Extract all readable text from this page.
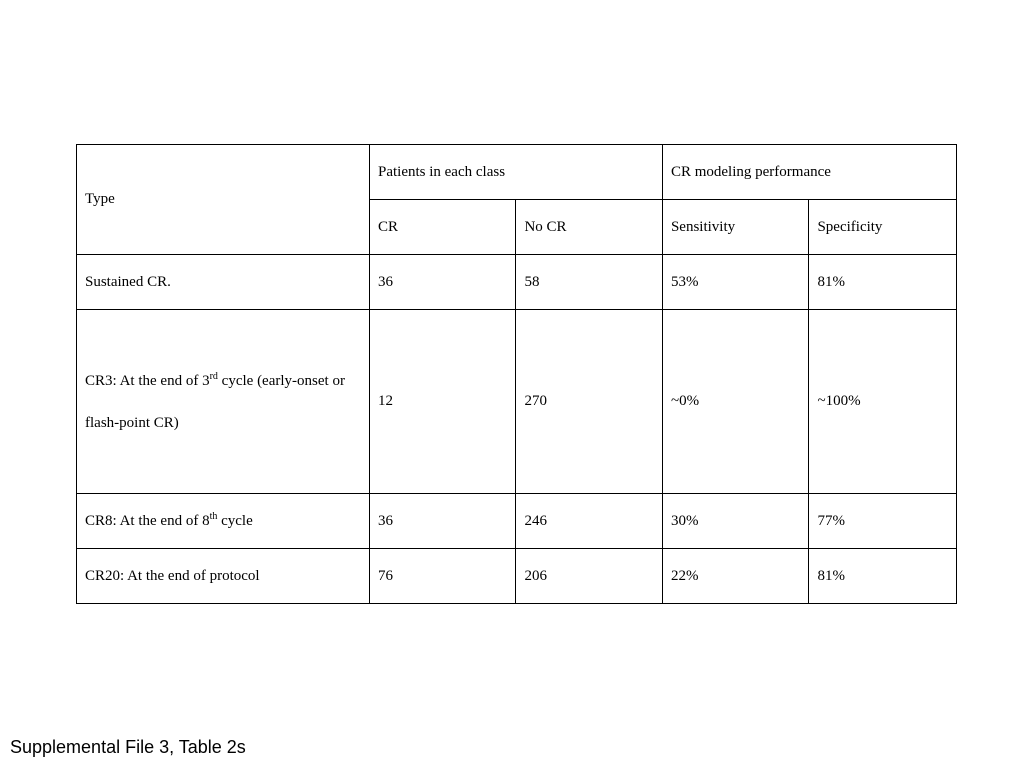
Type	Patients in each class		CR modeling performance	
	CR	No CR	Sensitivity	Specificity
Sustained CR.	36	58	53%	81%
CR3: At the end of 3rd cycle (early-onset or flash-point CR)	12	270	~0%	~100%
CR8: At the end of 8th cycle	36	246	30%	77%
CR20: At the end of protocol	76	206	22%	81%
Supplemental File 3, Table 2s
